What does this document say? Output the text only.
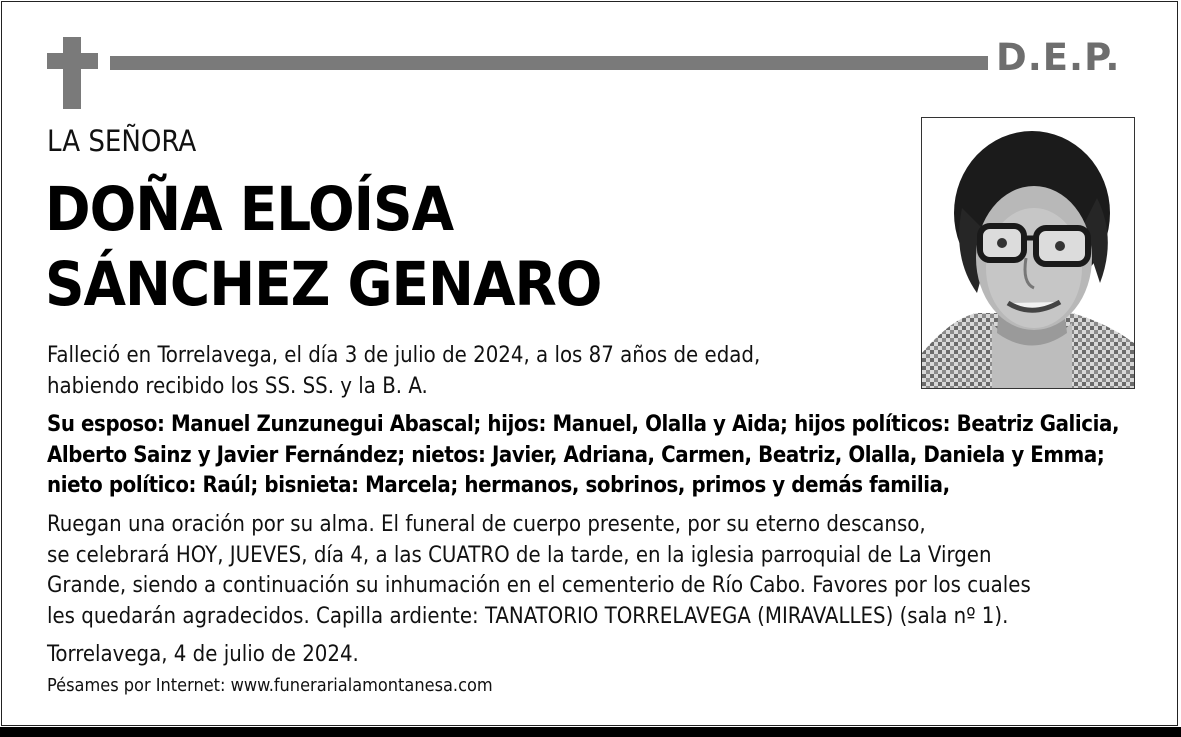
D.E.P.
LA SEÑORA
DOÑA ELOÍSA
SÁNCHEZ GENARO
Falleció en Torrelavega, el día 3 de julio de 2024, a los 87 años de edad,
habiendo recibido los SS. SS. y la B. A.
Su esposo: Manuel Zunzunegui Abascal; hijos: Manuel, Olalla y Aida; hijos políticos: Beatriz Galicia,
Alberto Sainz y Javier Fernández; nietos: Javier, Adriana, Carmen, Beatriz, Olalla, Daniela y Emma;
nieto político: Raúl; bisnieta: Marcela; hermanos, sobrinos, primos y demás familia,
Ruegan una oración por su alma. El funeral de cuerpo presente, por su eterno descanso,
se celebrará HOY, JUEVES, día 4, a las CUATRO de la tarde, en la iglesia parroquial de La Virgen
Grande, siendo a continuación su inhumación en el cementerio de Río Cabo. Favores por los cuales
les quedarán agradecidos. Capilla ardiente: TANATORIO TORRELAVEGA (MIRAVALLES) (sala nº 1).
Torrelavega, 4 de julio de 2024.
Pésames por Internet: www.funerarialamontanesa.com
